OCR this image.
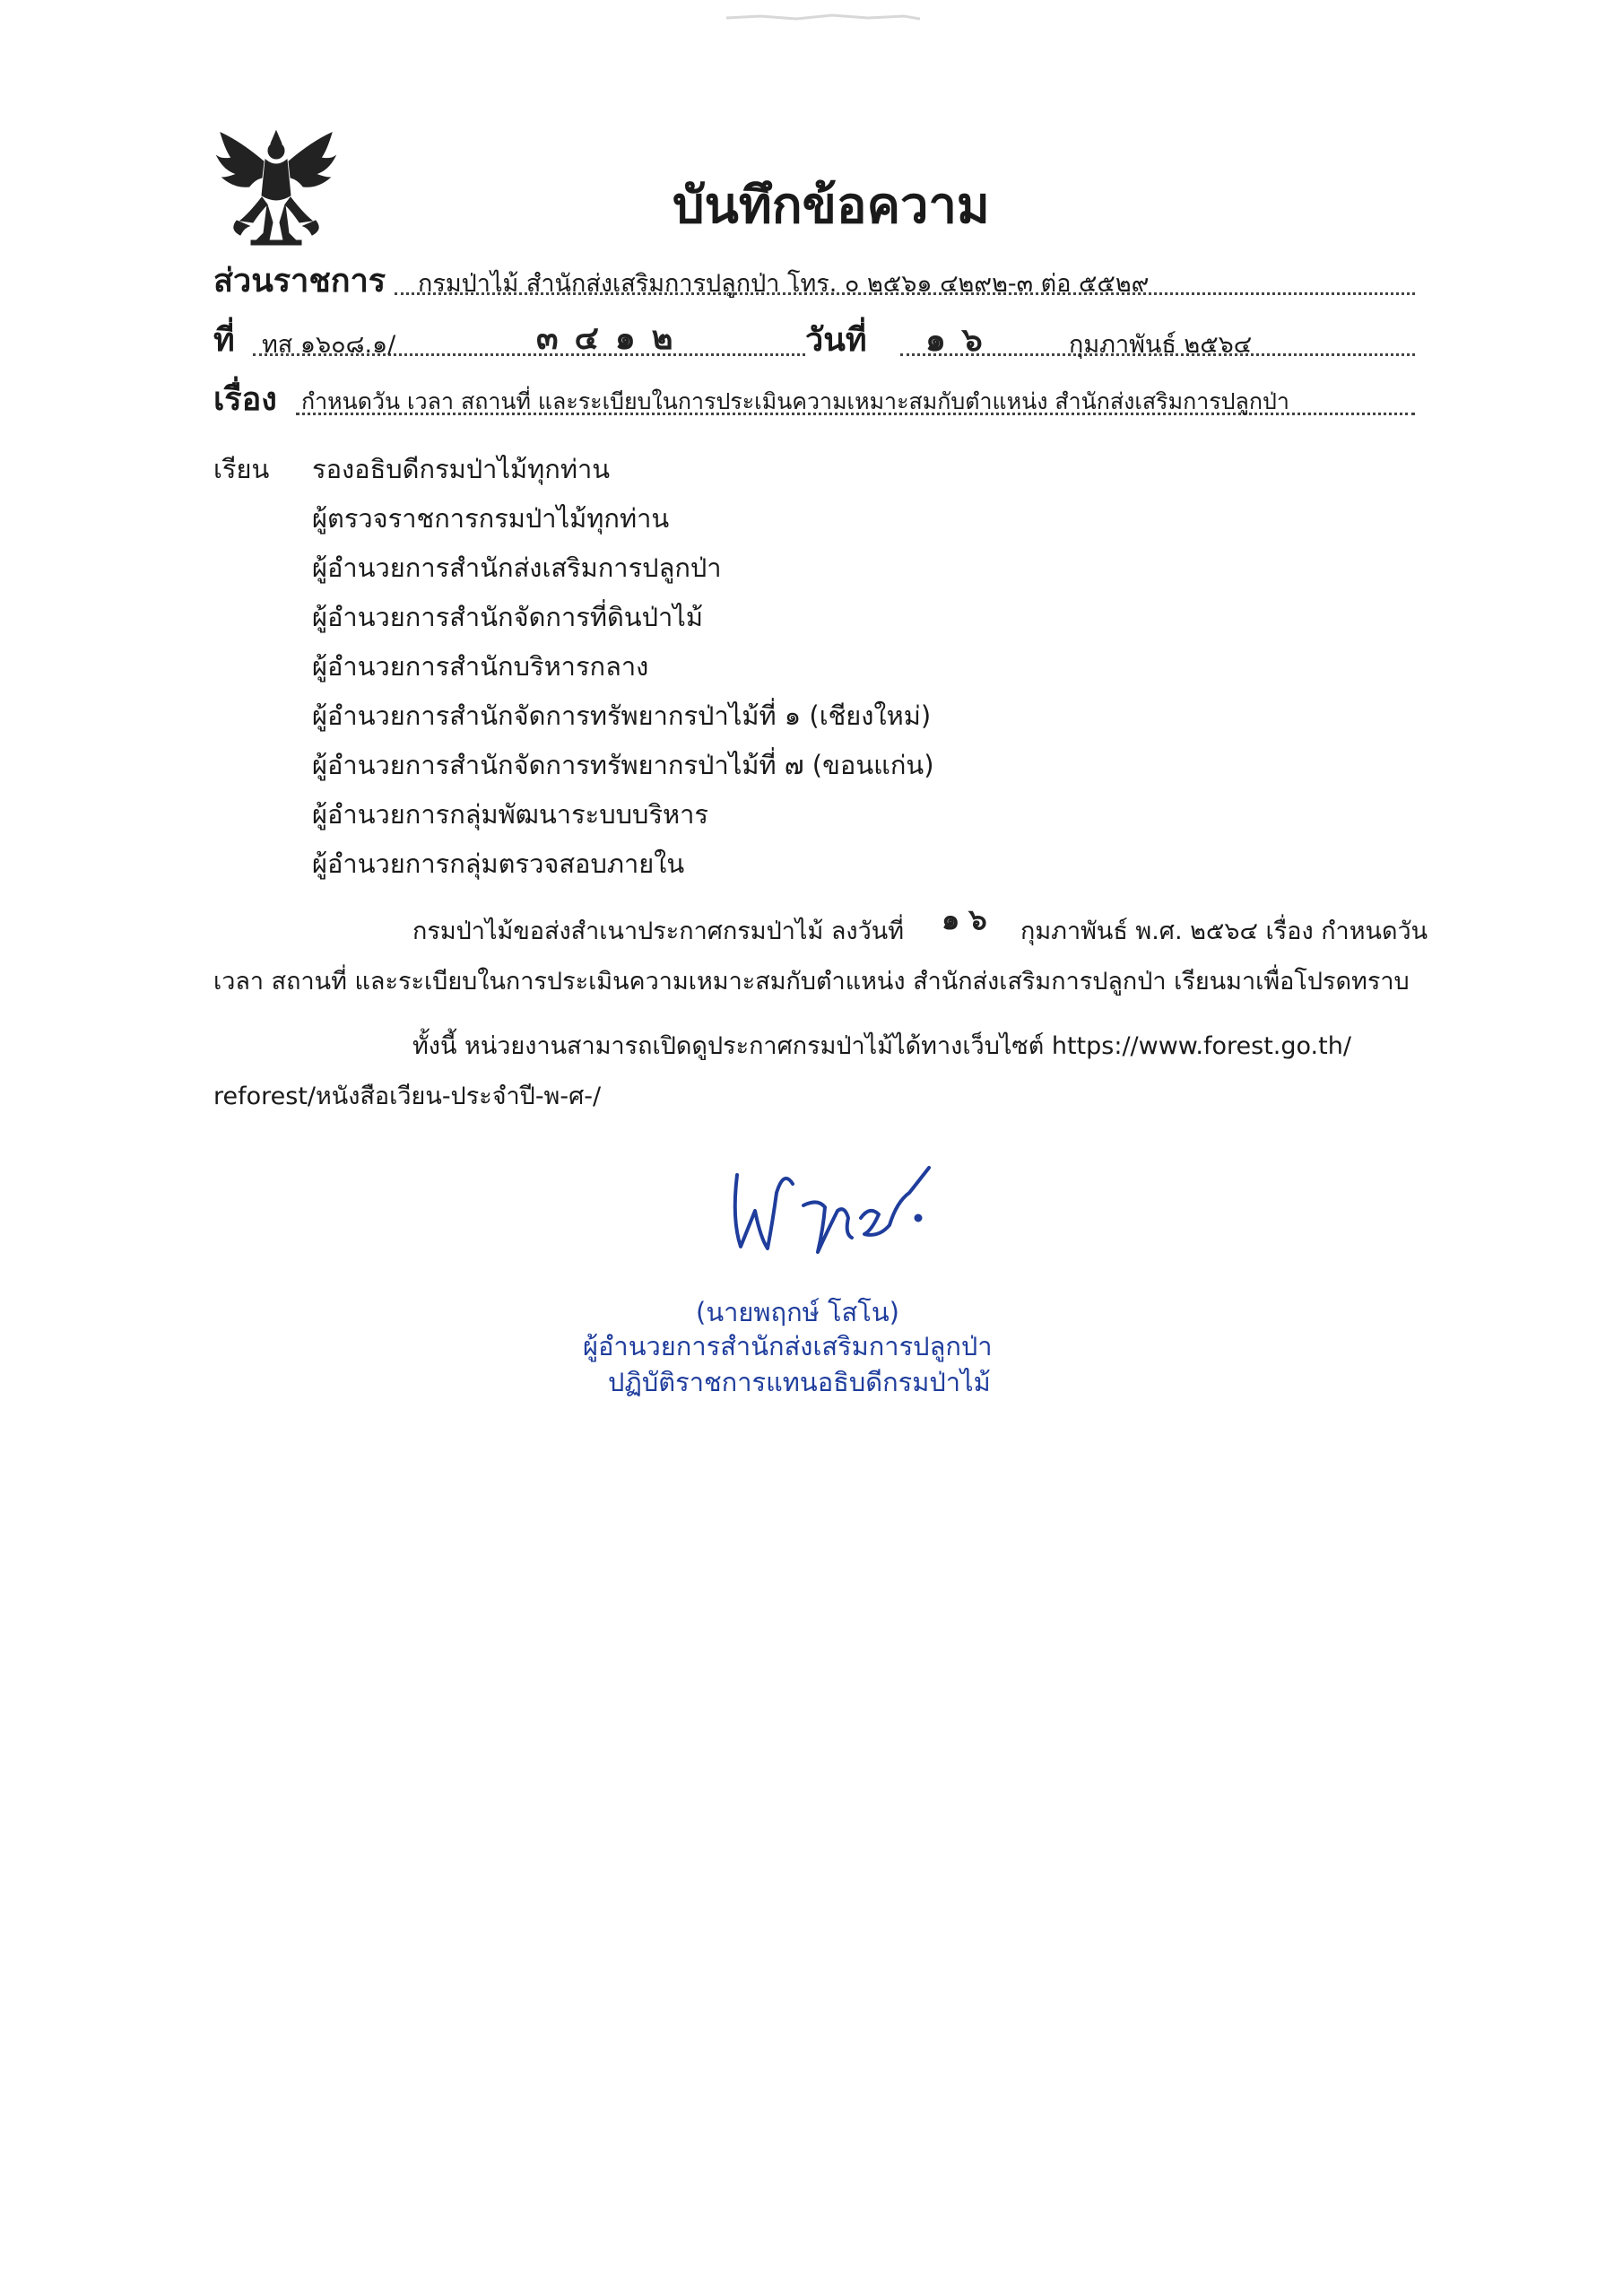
บันทึกข้อความ
ส่วนราชการ กรมป่าไม้ สำนักส่งเสริมการปลูกป่า โทร. ๐ ๒๕๖๑ ๔๒๙๒-๓ ต่อ ๕๕๒๙
ที่ ทส ๑๖๐๘.๑/	๓๔๑๒	วันที่ ๑๖	กุมภาพันธ์ ๒๕๖๔
เรื่อง กำหนดวัน เวลา สถานที่ และระเบียบในการประเมินความเหมาะสมกับตำแหน่ง สำนักส่งเสริมการปลูกป่า
เรียน รองอธิบดีกรมป่าไม้ทุกท่าน
ผู้ตรวจราชการกรมป่าไม้ทุกท่าน
ผู้อำนวยการสำนักส่งเสริมการปลูกป่า
ผู้อำนวยการสำนักจัดการที่ดินป่าไม้
ผู้อำนวยการสำนักบริหารกลาง
ผู้อำนวยการสำนักจัดการทรัพยากรป่าไม้ที่ ๑ (เชียงใหม่)
ผู้อำนวยการสำนักจัดการทรัพยากรป่าไม้ที่ ๗ (ขอนแก่น)
ผู้อำนวยการกลุ่มพัฒนาระบบบริหาร
ผู้อำนวยการกลุ่มตรวจสอบภายใน
กรมป่าไม้ขอส่งสำเนาประกาศกรมป่าไม้ ลงวันที่ ๑๖ กุมภาพันธ์ พ.ศ. ๒๕๖๔ เรื่อง กำหนดวัน
เวลา สถานที่ และระเบียบในการประเมินความเหมาะสมกับตำแหน่ง สำนักส่งเสริมการปลูกป่า เรียนมาเพื่อโปรดทราบ
ทั้งนี้ หน่วยงานสามารถเปิดดูประกาศกรมป่าไม้ได้ทางเว็บไซต์ https://www.forest.go.th/
reforest/หนังสือเวียน-ประจำปี-พ-ศ-/
(นายพฤกษ์ โสโน)
ผู้อำนวยการสำนักส่งเสริมการปลูกป่า
ปฏิบัติราชการแทนอธิบดีกรมป่าไม้
